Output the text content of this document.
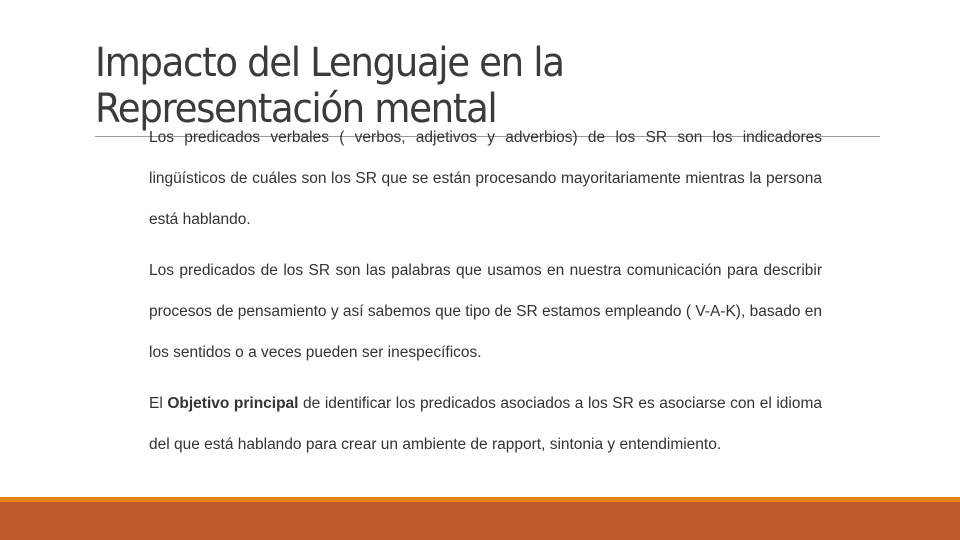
Impacto del Lenguaje en la
Representación mental

Los predicados verbales ( verbos, adjetivos y adverbios) de los SR son los indicadores lingüísticos de cuáles son los SR que se están procesando mayoritariamente mientras la persona está hablando.

Los predicados de los SR son las palabras que usamos en nuestra comunicación para describir procesos de pensamiento y así sabemos que tipo de SR estamos empleando ( V-A-K), basado en los sentidos o a veces pueden ser inespecíficos.

El Objetivo principal de identificar los predicados asociados a los SR es asociarse con el idioma del que está hablando para crear un ambiente de rapport, sintonia y entendimiento.
